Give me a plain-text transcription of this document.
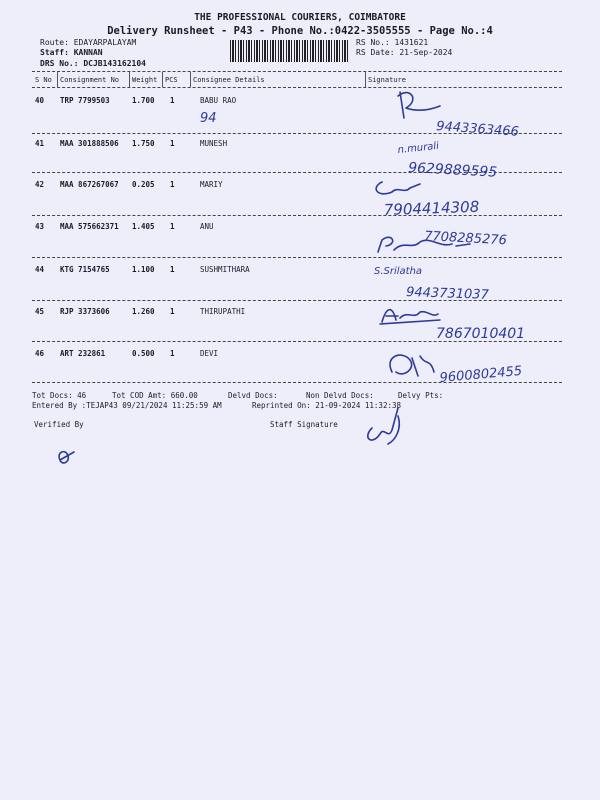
THE PROFESSIONAL COURIERS, COIMBATORE
Delivery Runsheet - P43 - Phone No.:0422-3505555 - Page No.:4
Route: EDAYARPALAYAM
Staff: KANNAN
DRS No.: DCJB143162104
RS No.: 1431621
RS Date: 21-Sep-2024
S No Consignment No Weight PCS Consignee Details	Signature
40 TRP 7799503	1.700 1	BABU RAO
41 MAA 301888506 1.750 1	MUNESH
42 MAA 867267067 0.205 1	MARIY
43 MAA 575662371 1.405 1	ANU
44 KTG 7154765	1.100 1	SUSHMITHARA
45 RJP 3373606	1.260 1	THIRUPATHI
46 ART 232861	0.500 1	DEVI
94
9443363466
n.murali
9629889595
7904414308
7708285276
S.Srilatha
9443731037
7867010401
9600802455
Tot Docs: 46	Tot COD Amt: 660.00	Delvd Docs:	Non Delvd Docs:	Delvy Pts:
Entered By :TEJAP43 09/21/2024 11:25:59 AM	Reprinted On: 21-09-2024 11:32:38
Verified By	Staff Signature
